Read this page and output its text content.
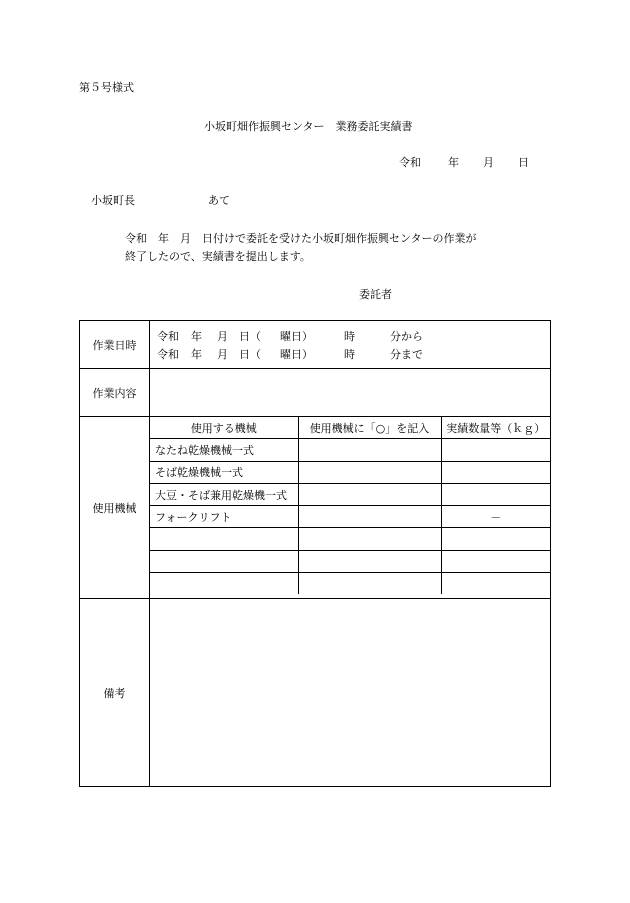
第５号様式
小坂町畑作振興センター　業務委託実績書
令和 年 月 日
小坂町長	あて
令和　年　月　日付けで委託を受けた小坂町畑作振興センターの作業が
終了したので、実績書を提出します。
委託者
作業日時	
令和 年 月 日（ 曜日）	時	分から
令和 年 月 日（ 曜日）	時	分まで

作業内容	
使用機械	
使用する機械	使用機械に「○」を記入	実績数量等（ｋｇ）
なたね乾燥機械一式		
そば乾燥機械一式		
大豆・そば兼用乾燥機一式		
フォークリフト		－

備考	
